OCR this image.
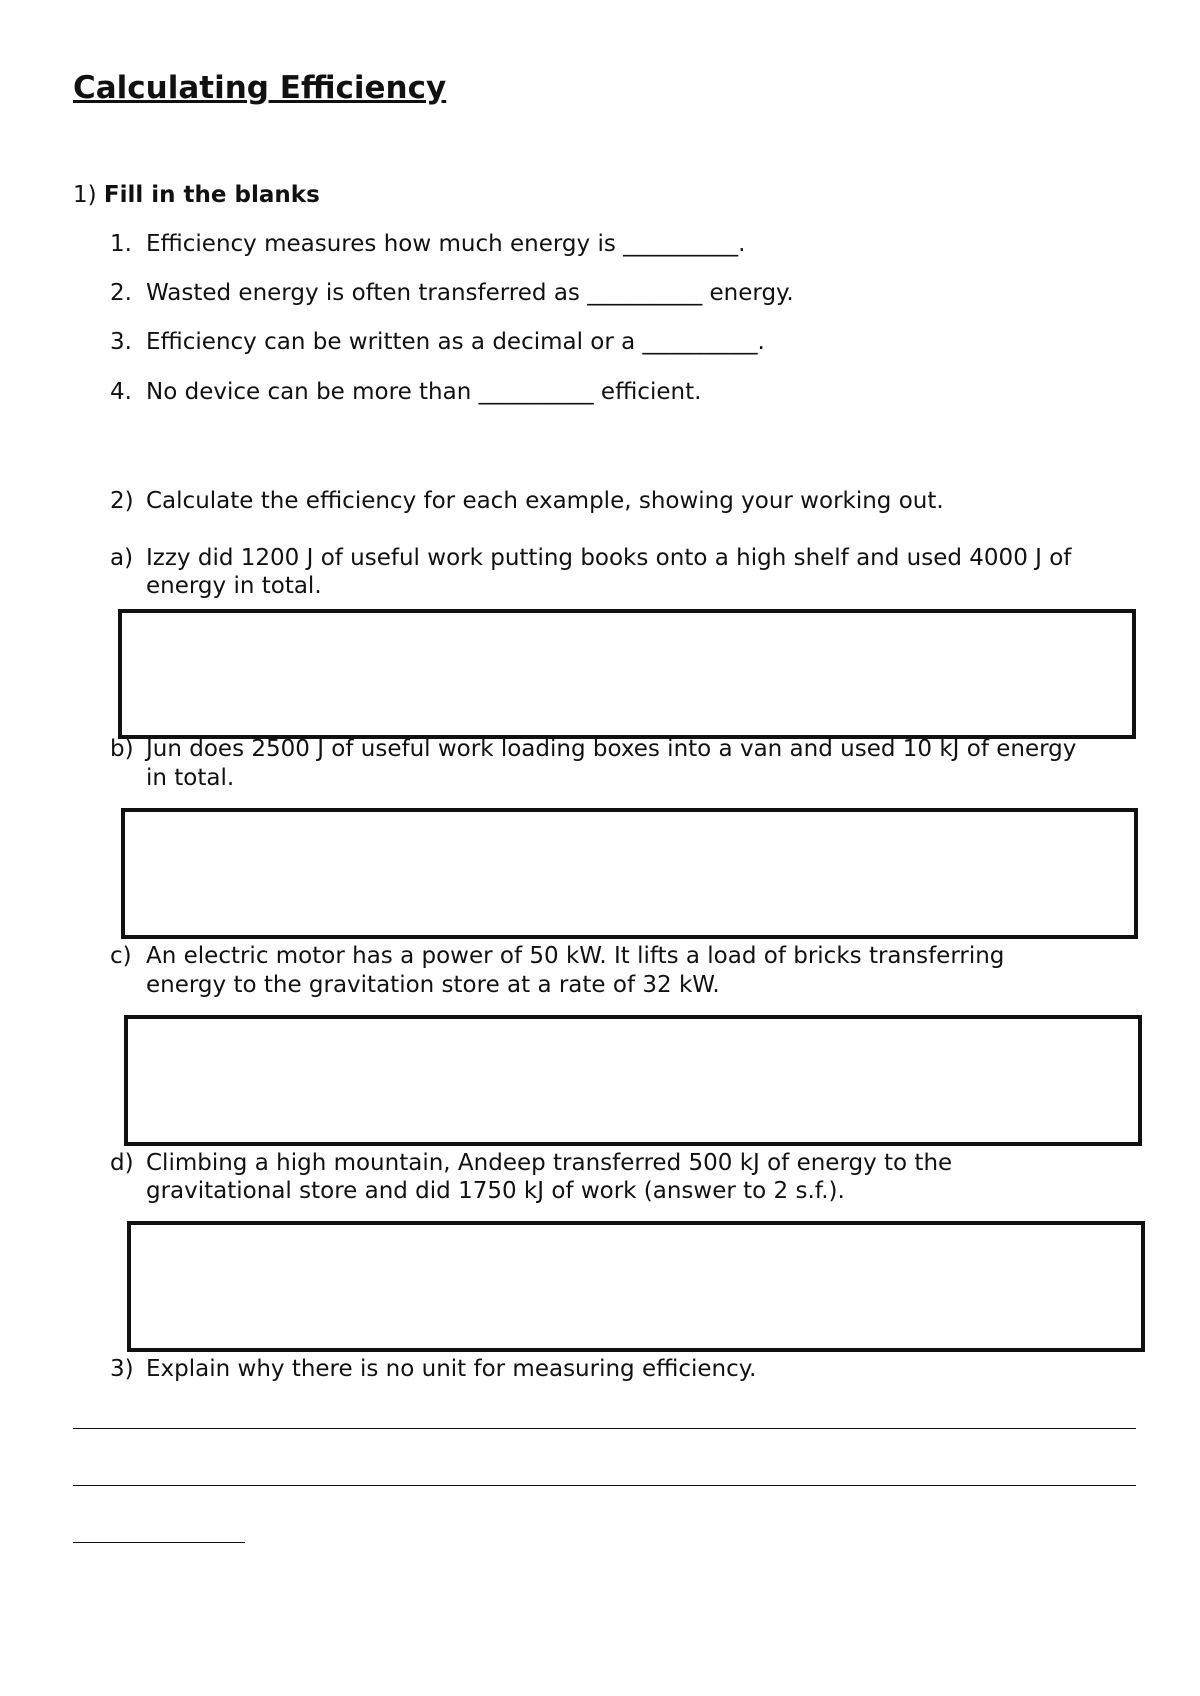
Calculating Efficiency
1) Fill in the blanks
1. Efficiency measures how much energy is __________.
2. Wasted energy is often transferred as __________ energy.
3. Efficiency can be written as a decimal or a __________.
4. No device can be more than __________ efficient.
2) Calculate the efficiency for each example, showing your working out.
a) Izzy did 1200 J of useful work putting books onto a high shelf and used 4000 J of
energy in total.
b) Jun does 2500 J of useful work loading boxes into a van and used 10 kJ of energy
in total.
c) An electric motor has a power of 50 kW. It lifts a load of bricks transferring
energy to the gravitation store at a rate of 32 kW.
d) Climbing a high mountain, Andeep transferred 500 kJ of energy to the
gravitational store and did 1750 kJ of work (answer to 2 s.f.).
3) Explain why there is no unit for measuring efficiency.
